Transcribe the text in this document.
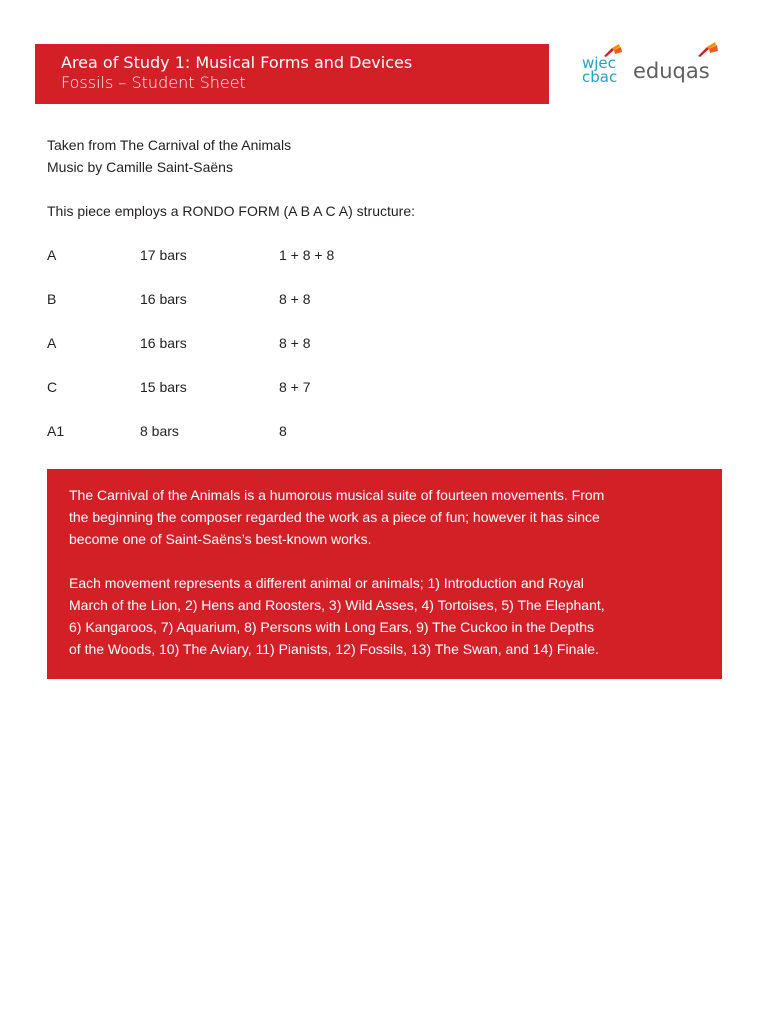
Area of Study 1: Musical Forms and Devices
Fossils – Student Sheet
wjec
cbac eduqas
Taken from The Carnival of the Animals
Music by Camille Saint-Saëns
This piece employs a RONDO FORM (A B A C A) structure:
A	17 bars	1 + 8 + 8
B	16 bars	8 + 8
A	16 bars	8 + 8
C	15 bars	8 + 7
A1	8 bars	8

The Carnival of the Animals is a humorous musical suite of fourteen movements. From the beginning the composer regarded the work as a piece of fun; however it has since become one of Saint-Saëns’s best-known works.

Each movement represents a different animal or animals; 1) Introduction and Royal March of the Lion, 2) Hens and Roosters, 3) Wild Asses, 4) Tortoises, 5) The Elephant, 6) Kangaroos, 7) Aquarium, 8) Persons with Long Ears, 9) The Cuckoo in the Depths of the Woods, 10) The Aviary, 11) Pianists, 12) Fossils, 13) The Swan, and 14) Finale.
